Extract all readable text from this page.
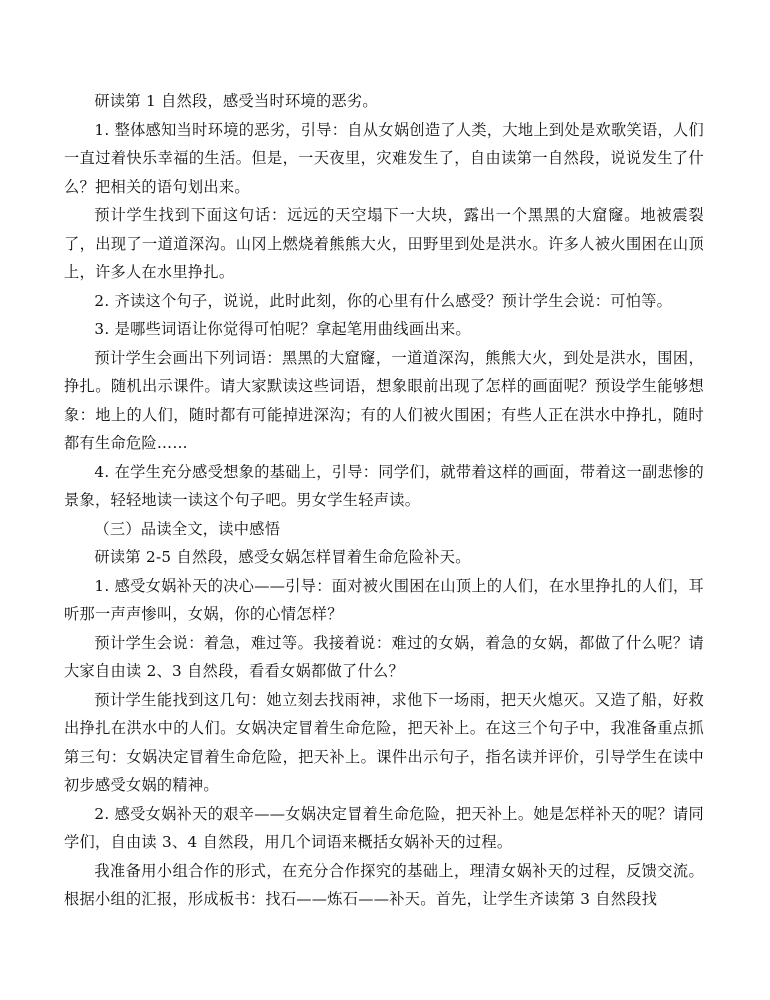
研读第 1 自然段，感受当时环境的恶劣。

1. 整体感知当时环境的恶劣，引导：自从女娲创造了人类，大地上到处是欢歌笑语，人们一直过着快乐幸福的生活。但是，一天夜里，灾难发生了，自由读第一自然段，说说发生了什么？把相关的语句划出来。

预计学生找到下面这句话：远远的天空塌下一大块，露出一个黑黑的大窟窿。地被震裂了，出现了一道道深沟。山冈上燃烧着熊熊大火，田野里到处是洪水。许多人被火围困在山顶上，许多人在水里挣扎。

2. 齐读这个句子，说说，此时此刻，你的心里有什么感受？预计学生会说：可怕等。

3. 是哪些词语让你觉得可怕呢？拿起笔用曲线画出来。

预计学生会画出下列词语：黑黑的大窟窿，一道道深沟，熊熊大火，到处是洪水，围困，挣扎。随机出示课件。请大家默读这些词语，想象眼前出现了怎样的画面呢？预设学生能够想象：地上的人们，随时都有可能掉进深沟；有的人们被火围困；有些人正在洪水中挣扎，随时都有生命危险……

4. 在学生充分感受想象的基础上，引导：同学们，就带着这样的画面，带着这一副悲惨的景象，轻轻地读一读这个句子吧。男女学生轻声读。

（三）品读全文，读中感悟

研读第 2-5 自然段，感受女娲怎样冒着生命危险补天。

1. 感受女娲补天的决心——引导：面对被火围困在山顶上的人们，在水里挣扎的人们，耳听那一声声惨叫，女娲，你的心情怎样？

预计学生会说：着急，难过等。我接着说：难过的女娲，着急的女娲，都做了什么呢？请大家自由读 2、3 自然段，看看女娲都做了什么？

预计学生能找到这几句：她立刻去找雨神，求他下一场雨，把天火熄灭。又造了船，好救出挣扎在洪水中的人们。女娲决定冒着生命危险，把天补上。在这三个句子中，我准备重点抓第三句：女娲决定冒着生命危险，把天补上。课件出示句子，指名读并评价，引导学生在读中初步感受女娲的精神。

2. 感受女娲补天的艰辛——女娲决定冒着生命危险，把天补上。她是怎样补天的呢？请同学们，自由读 3、4 自然段，用几个词语来概括女娲补天的过程。

我准备用小组合作的形式，在充分合作探究的基础上，理清女娲补天的过程，反馈交流。根据小组的汇报，形成板书：找石——炼石——补天。首先，让学生齐读第 3 自然段找
